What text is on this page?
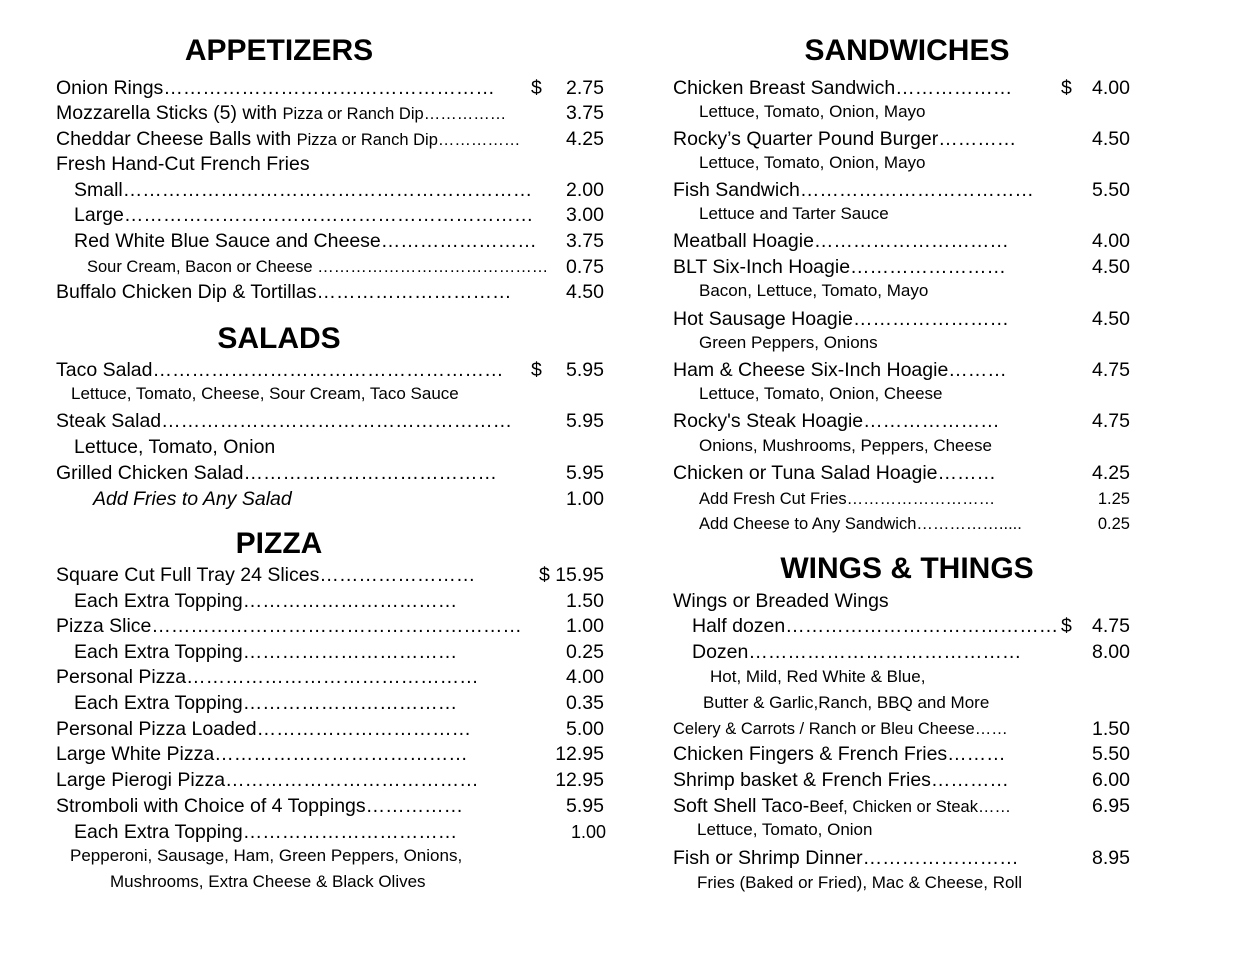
APPETIZERS
Onion Rings……………………………………………	$ 2.75
Mozzarella Sticks (5) with Pizza or Ranch Dip……………	3.75
Cheddar Cheese Balls with Pizza or Ranch Dip…………… 4.25
Fresh Hand-Cut French Fries
Small……………………………………………………… 2.00
Large……………………………………………………… 3.00
Red White Blue Sauce and Cheese…………………… 3.75
Sour Cream, Bacon or Cheese …………………………………… 0.75
Buffalo Chicken Dip & Tortillas…………………………	4.50
SALADS
Taco Salad………………………………………………	$ 5.95
Lettuce, Tomato, Cheese, Sour Cream, Taco Sauce
Steak Salad………………………………………………	5.95
Lettuce, Tomato, Onion
Grilled Chicken Salad…………………………………	5.95
Add Fries to Any Salad	1.00
PIZZA
Square Cut Full Tray 24 Slices……………………	$ 15.95
Each Extra Topping……………………………	1.50
Pizza Slice………………………………………………… 1.00
Each Extra Topping……………………………	0.25
Personal Pizza………………………………………	4.00
Each Extra Topping……………………………	0.35
Personal Pizza Loaded……………………………	5.00
Large White Pizza…………………………………	12.95
Large Pierogi Pizza…………………………………	12.95
Stromboli with Choice of 4 Toppings……………	5.95
Each Extra Topping……………………………	1.00
Pepperoni, Sausage, Ham, Green Peppers, Onions,
Mushrooms, Extra Cheese & Black Olives
SANDWICHES
Chicken Breast Sandwich………………	$ 4.00
Lettuce, Tomato, Onion, Mayo
Rocky’s Quarter Pound Burger…………	4.50
Lettuce, Tomato, Onion, Mayo
Fish Sandwich………………………………	5.50
Lettuce and Tarter Sauce
Meatball Hoagie…………………………	4.00
BLT Six-Inch Hoagie……………………	4.50
Bacon, Lettuce, Tomato, Mayo
Hot Sausage Hoagie……………………	4.50
Green Peppers, Onions
Ham & Cheese Six-Inch Hoagie………	4.75
Lettuce, Tomato, Onion, Cheese
Rocky's Steak Hoagie…………………	4.75
Onions, Mushrooms, Peppers, Cheese
Chicken or Tuna Salad Hoagie………	4.25
Add Fresh Cut Fries………………………	1.25
Add Cheese to Any Sandwich…………….....	0.25
WINGS & THINGS
Wings or Breaded Wings
Half dozen…………………………………… $ 4.75
Dozen……………………………………	8.00
Hot, Mild, Red White & Blue,
Butter & Garlic,Ranch, BBQ and More
Celery & Carrots / Ranch or Bleu Cheese……	1.50
Chicken Fingers & French Fries………	5.50
Shrimp basket & French Fries…………	6.00
Soft Shell Taco-Beef, Chicken or Steak……	6.95
Lettuce, Tomato, Onion
Fish or Shrimp Dinner……………………	8.95
Fries (Baked or Fried), Mac & Cheese, Roll
